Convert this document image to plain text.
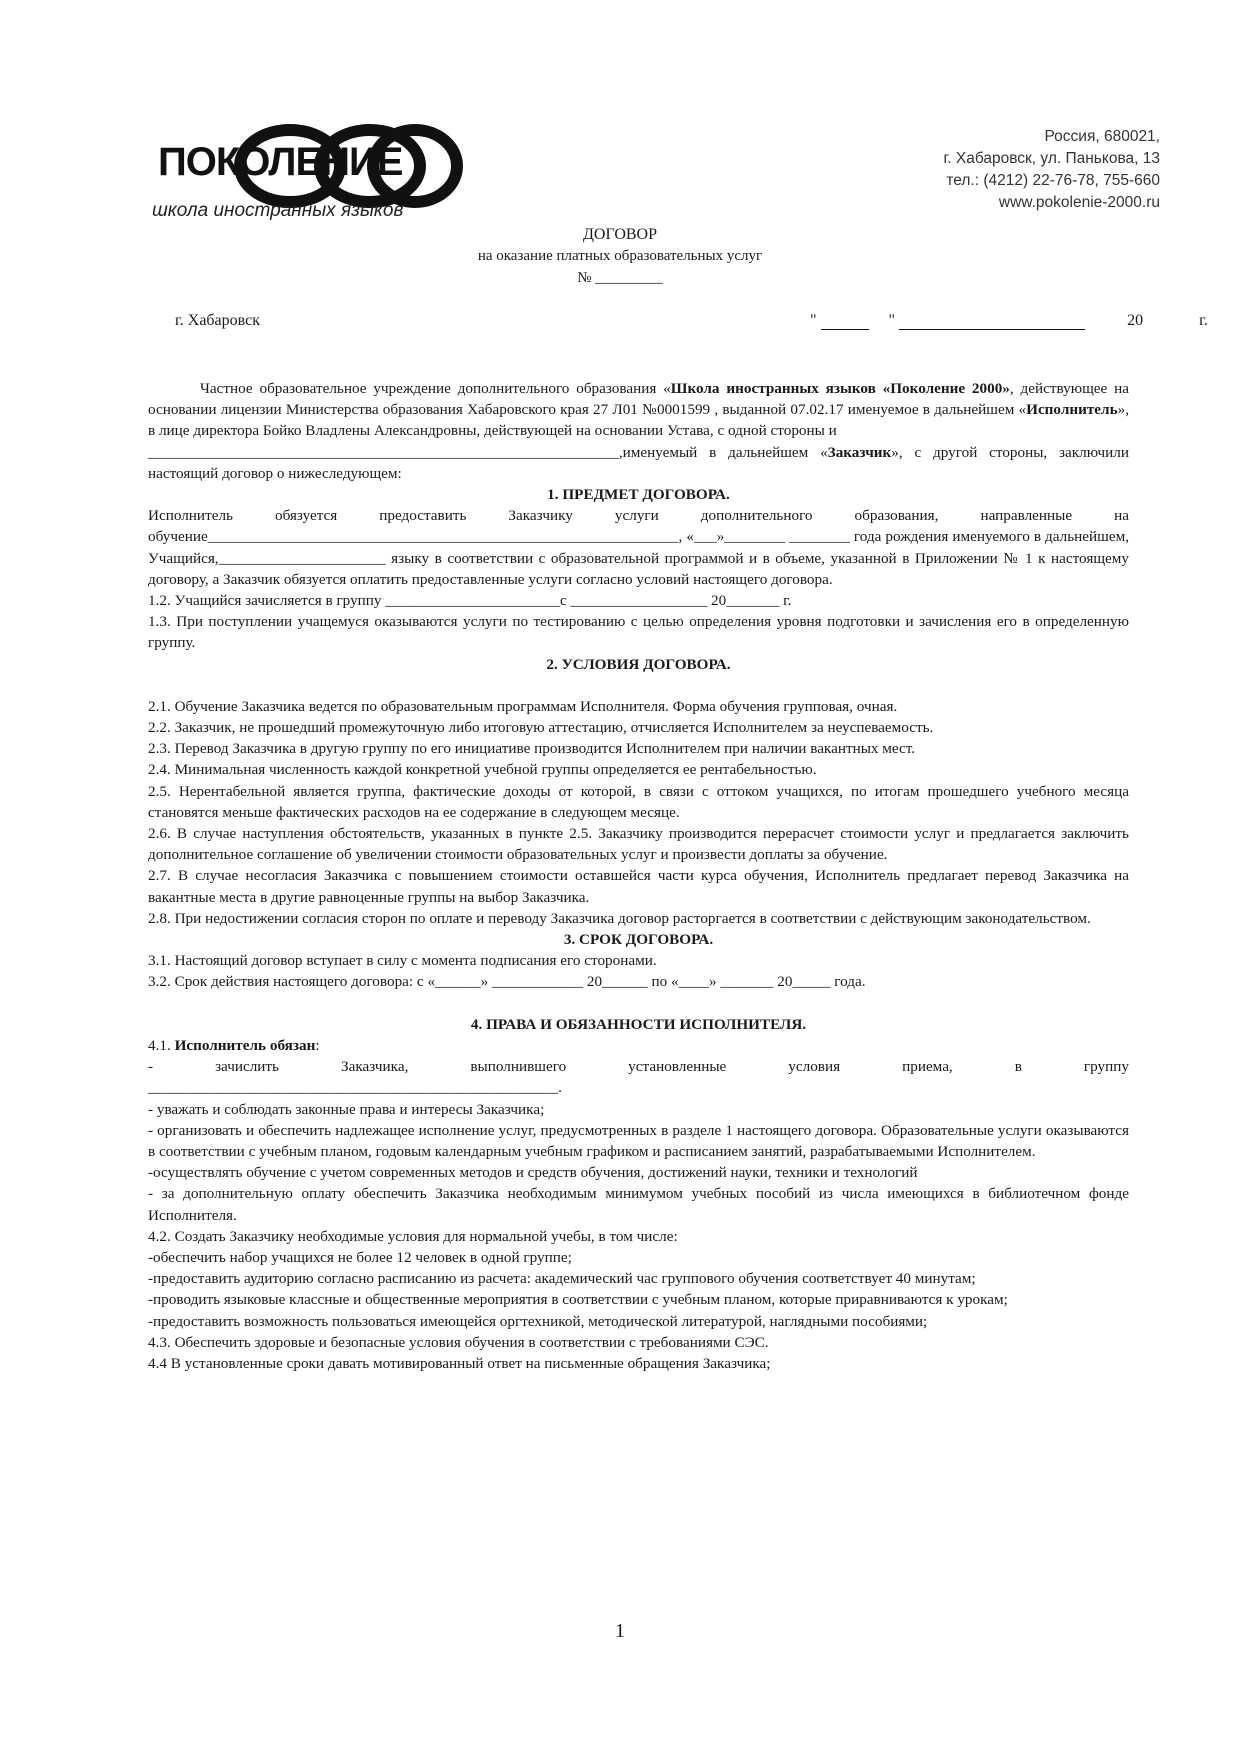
ПОКОЛЕНИЕ
школа иностранных языков
Россия, 680021,
г. Хабаровск, ул. Панькова, 13
тел.: (4212) 22-76-78, 755-660
www.pokolenie-2000.ru
ДОГОВОР
на оказание платных образовательных услуг
№ _________
г. Хабаровск	"	"	20	г.

Частное образовательное учреждение дополнительного образования «Школа иностранных языков «Поколение 2000», действующее на основании лицензии Министерства образования Хабаровского края 27 Л01 №0001599 , выданной 07.02.17 именуемое в дальнейшем «Исполнитель», в лице директора Бойко Владлены Александровны, действующей на основании Устава, с одной стороны и

______________________________________________________________,именуемый в дальнейшем «Заказчик», с другой стороны, заключили настоящий договор о нижеследующем:

1. ПРЕДМЕТ ДОГОВОРА.

Исполнитель обязуется предоставить Заказчику услуги дополнительного образования, направленные на обучение______________________________________________________________, «___»________ ________ года рождения именуемого в дальнейшем, Учащийся,______________________ языку в соответствии с образовательной программой и в объеме, указанной в Приложении № 1 к настоящему договору, а Заказчик обязуется оплатить предоставленные услуги согласно условий настоящего договора.

1.2. Учащийся зачисляется в группу _______________________с __________________ 20_______ г.

1.3. При поступлении учащемуся оказываются услуги по тестированию с целью определения уровня подготовки и зачисления его в определенную группу.

2. УСЛОВИЯ ДОГОВОРА.

2.1. Обучение Заказчика ведется по образовательным программам Исполнителя. Форма обучения групповая, очная.

2.2. Заказчик, не прошедший промежуточную либо итоговую аттестацию, отчисляется Исполнителем за неуспеваемость.

2.3. Перевод Заказчика в другую группу по его инициативе производится Исполнителем при наличии вакантных мест.

2.4. Минимальная численность каждой конкретной учебной группы определяется ее рентабельностью.

2.5. Нерентабельной является группа, фактические доходы от которой, в связи с оттоком учащихся, по итогам прошедшего учебного месяца становятся меньше фактических расходов на ее содержание в следующем месяце.

2.6. В случае наступления обстоятельств, указанных в пункте 2.5. Заказчику производится перерасчет стоимости услуг и предлагается заключить дополнительное соглашение об увеличении стоимости образовательных услуг и произвести доплаты за обучение.

2.7. В случае несогласия Заказчика с повышением стоимости оставшейся части курса обучения, Исполнитель предлагает перевод Заказчика на вакантные места в другие равноценные группы на выбор Заказчика.

2.8. При недостижении согласия сторон по оплате и переводу Заказчика договор расторгается в соответствии с действующим законодательством.

3. СРОК ДОГОВОРА.

3.1. Настоящий договор вступает в силу с момента подписания его сторонами.

3.2. Срок действия настоящего договора: с «______» ____________ 20______ по «____» _______ 20_____ года.

4. ПРАВА И ОБЯЗАННОСТИ ИСПОЛНИТЕЛЯ.

4.1. Исполнитель обязан:

-	зачислить	Заказчика,	выполнившего	установленные	условия	приема,	в	группу

______________________________________________________.

- уважать и соблюдать законные права и интересы Заказчика;

- организовать и обеспечить надлежащее исполнение услуг, предусмотренных в разделе 1 настоящего договора. Образовательные услуги оказываются в соответствии с учебным планом, годовым календарным учебным графиком и расписанием занятий, разрабатываемыми Исполнителем.

-осуществлять обучение с учетом современных методов и средств обучения, достижений науки, техники и технологий

- за дополнительную оплату обеспечить Заказчика необходимым минимумом учебных пособий из числа имеющихся в библиотечном фонде Исполнителя.

4.2. Создать Заказчику необходимые условия для нормальной учебы, в том числе:

-обеспечить набор учащихся не более 12 человек в одной группе;

-предоставить аудиторию согласно расписанию из расчета: академический час группового обучения соответствует 40 минутам;

-проводить языковые классные и общественные мероприятия в соответствии с учебным планом, которые приравниваются к урокам;

-предоставить возможность пользоваться имеющейся оргтехникой, методической литературой, наглядными пособиями;

4.3. Обеспечить здоровые и безопасные условия обучения в соответствии с требованиями СЭС.

4.4 В установленные сроки давать мотивированный ответ на письменные обращения Заказчика;

1
